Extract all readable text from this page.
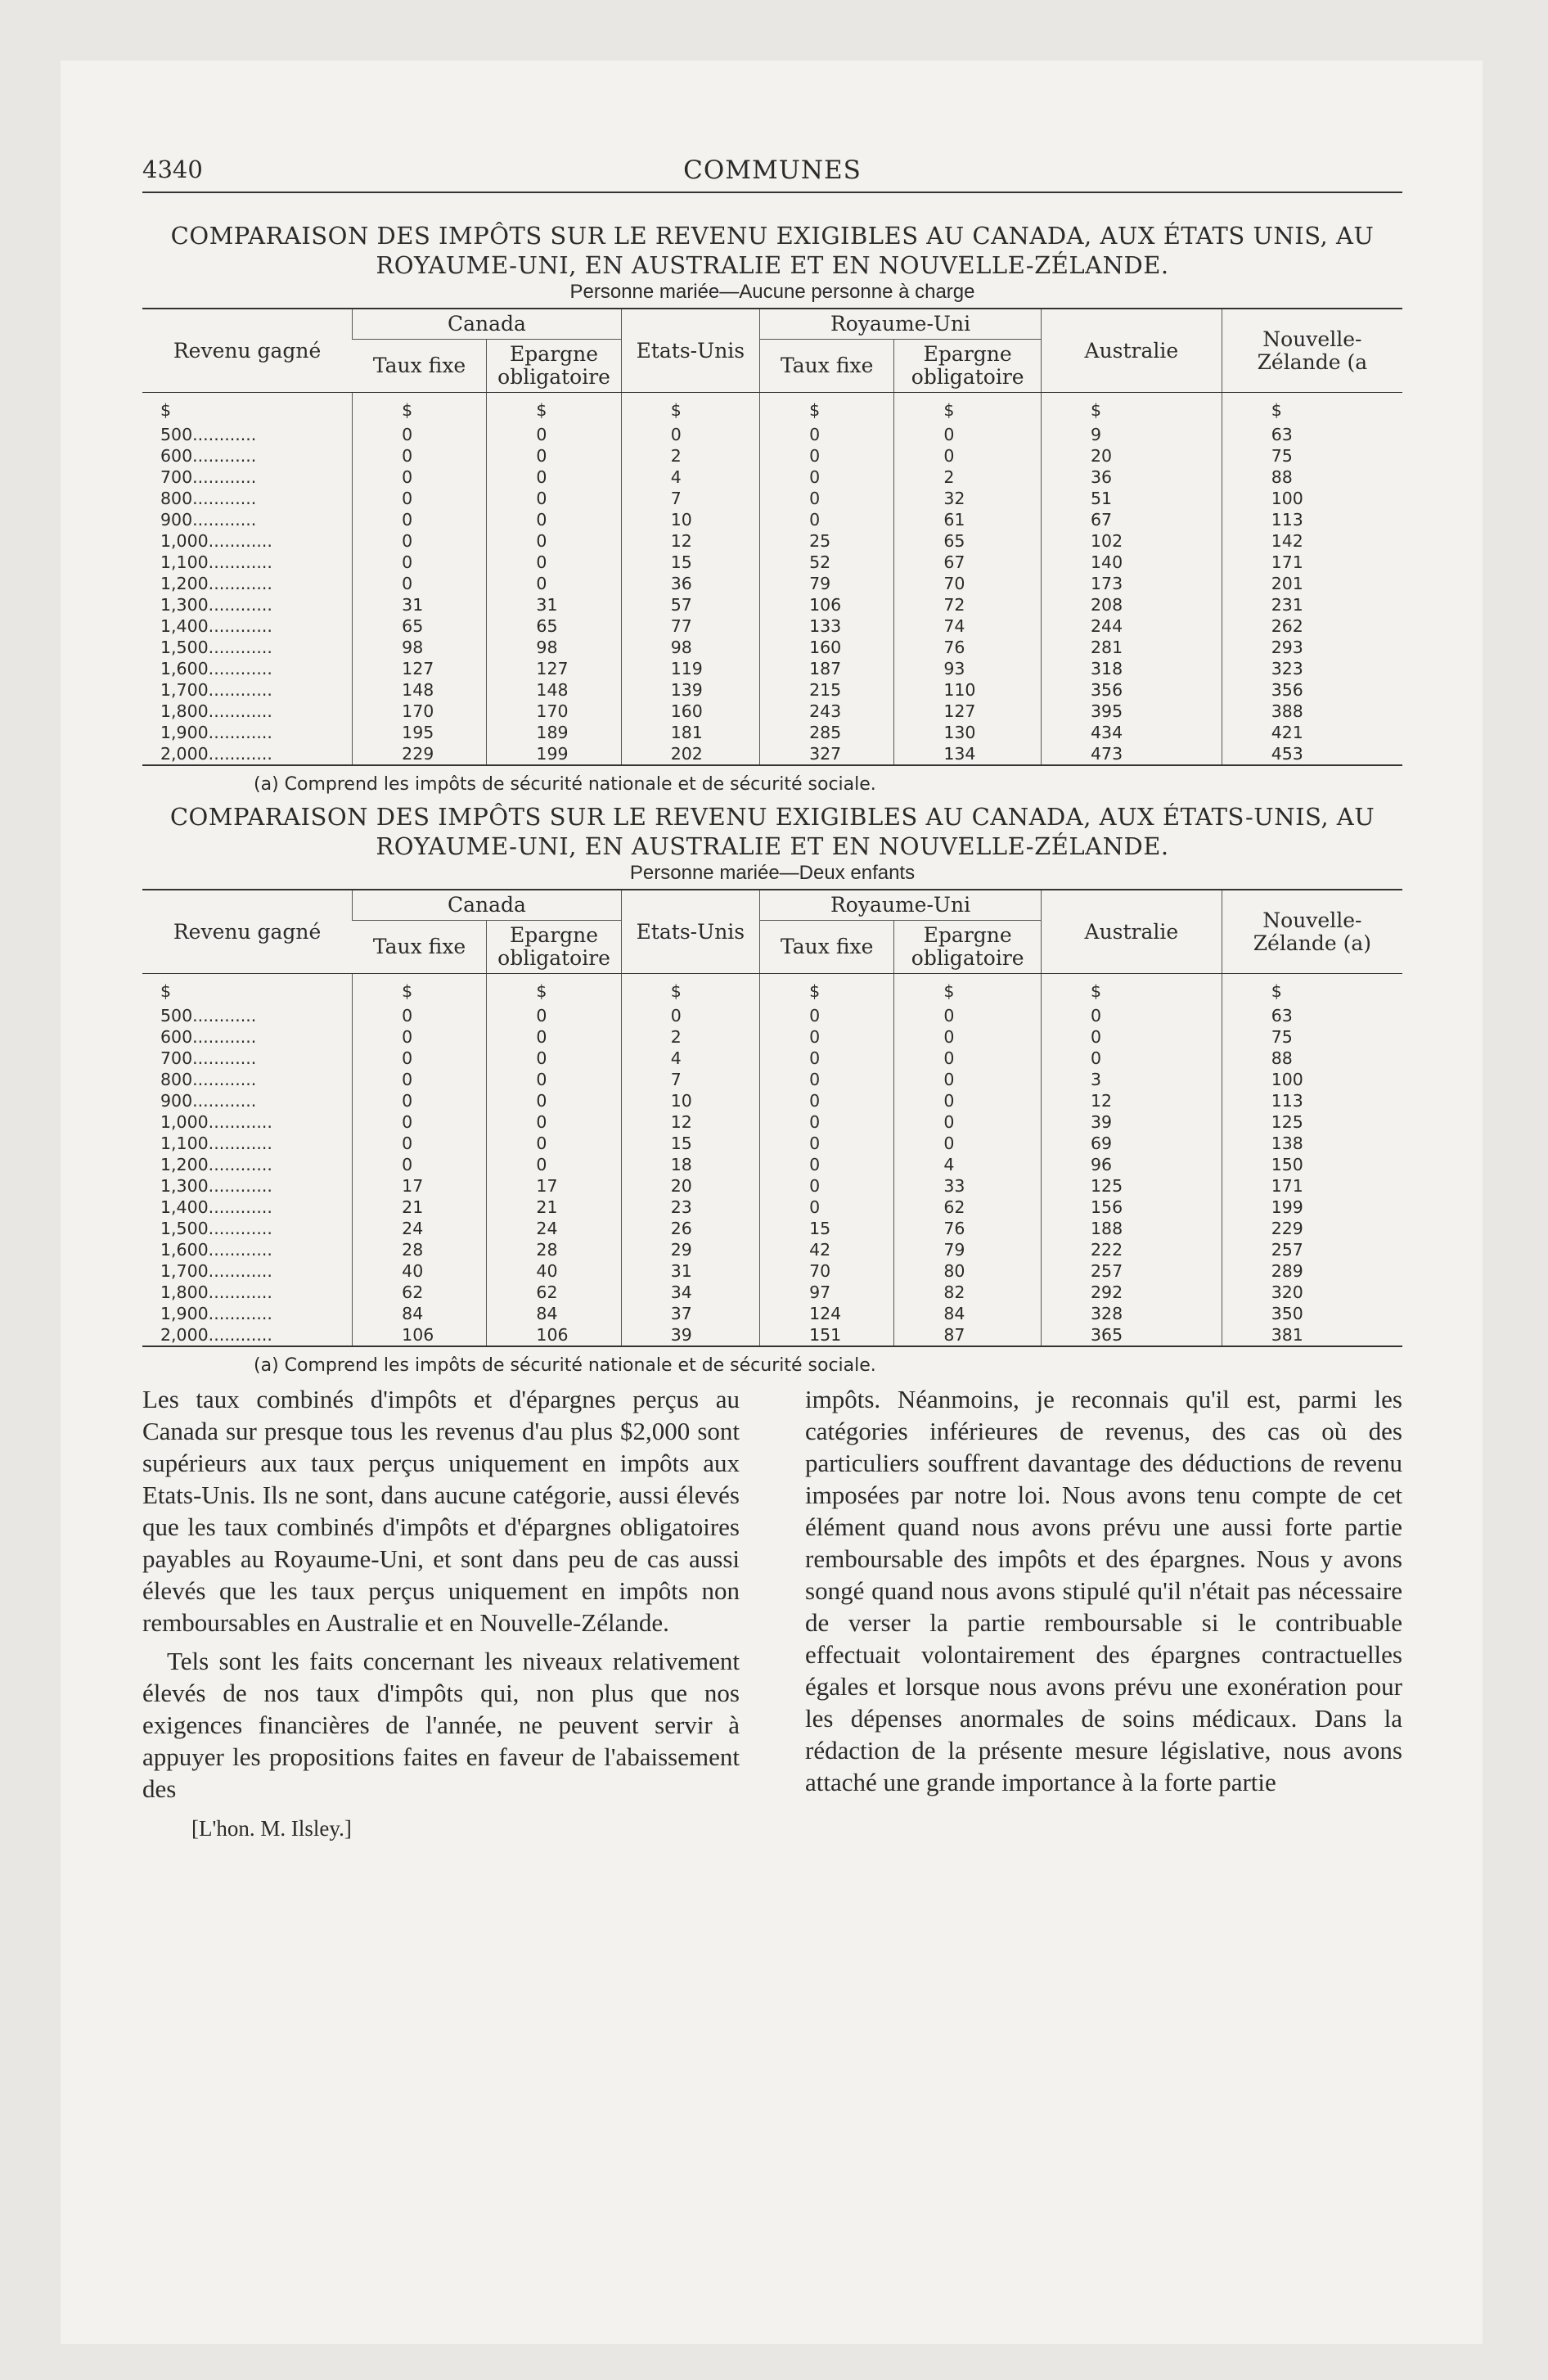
4340	COMMUNES
COMPARAISON DES IMPÔTS SUR LE REVENU EXIGIBLES AU CANADA, AUX ÉTATS UNIS, AU ROYAUME-UNI, EN AUSTRALIE ET EN NOUVELLE-ZÉLANDE.
Personne mariée—Aucune personne à charge
Revenu gagné	Canada		Etats-Unis	Royaume-Uni		Australie	Nouvelle-Zélande (a
	Taux fixe	Epargne obligatoire		Taux fixe	Epargne obligatoire		
$	$	$	$	$	$	$	$
500............	0	0	0	0	0	9	63
600............	0	0	2	0	0	20	75
700............	0	0	4	0	2	36	88
800............	0	0	7	0	32	51	100
900............	0	0	10	0	61	67	113
1,000............	0	0	12	25	65	102	142
1,100............	0	0	15	52	67	140	171
1,200............	0	0	36	79	70	173	201
1,300............	31	31	57	106	72	208	231
1,400............	65	65	77	133	74	244	262
1,500............	98	98	98	160	76	281	293
1,600............	127	127	119	187	93	318	323
1,700............	148	148	139	215	110	356	356
1,800............	170	170	160	243	127	395	388
1,900............	195	189	181	285	130	434	421
2,000............	229	199	202	327	134	473	453
(a) Comprend les impôts de sécurité nationale et de sécurité sociale.
COMPARAISON DES IMPÔTS SUR LE REVENU EXIGIBLES AU CANADA, AUX ÉTATS-UNIS, AU ROYAUME-UNI, EN AUSTRALIE ET EN NOUVELLE-ZÉLANDE.
Personne mariée—Deux enfants
Revenu gagné	Canada		Etats-Unis	Royaume-Uni		Australie	Nouvelle-Zélande (a)
	Taux fixe	Epargne obligatoire		Taux fixe	Epargne obligatoire		
$	$	$	$	$	$	$	$
500............	0	0	0	0	0	0	63
600............	0	0	2	0	0	0	75
700............	0	0	4	0	0	0	88
800............	0	0	7	0	0	3	100
900............	0	0	10	0	0	12	113
1,000............	0	0	12	0	0	39	125
1,100............	0	0	15	0	0	69	138
1,200............	0	0	18	0	4	96	150
1,300............	17	17	20	0	33	125	171
1,400............	21	21	23	0	62	156	199
1,500............	24	24	26	15	76	188	229
1,600............	28	28	29	42	79	222	257
1,700............	40	40	31	70	80	257	289
1,800............	62	62	34	97	82	292	320
1,900............	84	84	37	124	84	328	350
2,000............	106	106	39	151	87	365	381
(a) Comprend les impôts de sécurité nationale et de sécurité sociale.

Les taux combinés d'impôts et d'épargnes perçus au Canada sur presque tous les revenus d'au plus $2,000 sont supérieurs aux taux perçus uniquement en impôts aux Etats-Unis. Ils ne sont, dans aucune catégorie, aussi élevés que les taux combinés d'impôts et d'épargnes obligatoires payables au Royaume-Uni, et sont dans peu de cas aussi élevés que les taux perçus uniquement en impôts non remboursables en Australie et en Nouvelle-Zélande.

Tels sont les faits concernant les niveaux relativement élevés de nos taux d'impôts qui, non plus que nos exigences financières de l'année, ne peuvent servir à appuyer les propositions faites en faveur de l'abaissement des

[L'hon. M. Ilsley.]

impôts. Néanmoins, je reconnais qu'il est, parmi les catégories inférieures de revenus, des cas où des particuliers souffrent davantage des déductions de revenu imposées par notre loi. Nous avons tenu compte de cet élément quand nous avons prévu une aussi forte partie remboursable des impôts et des épargnes. Nous y avons songé quand nous avons stipulé qu'il n'était pas nécessaire de verser la partie remboursable si le contribuable effectuait volontairement des épargnes contractuelles égales et lorsque nous avons prévu une exonération pour les dépenses anormales de soins médicaux. Dans la rédaction de la présente mesure législative, nous avons attaché une grande importance à la forte partie
